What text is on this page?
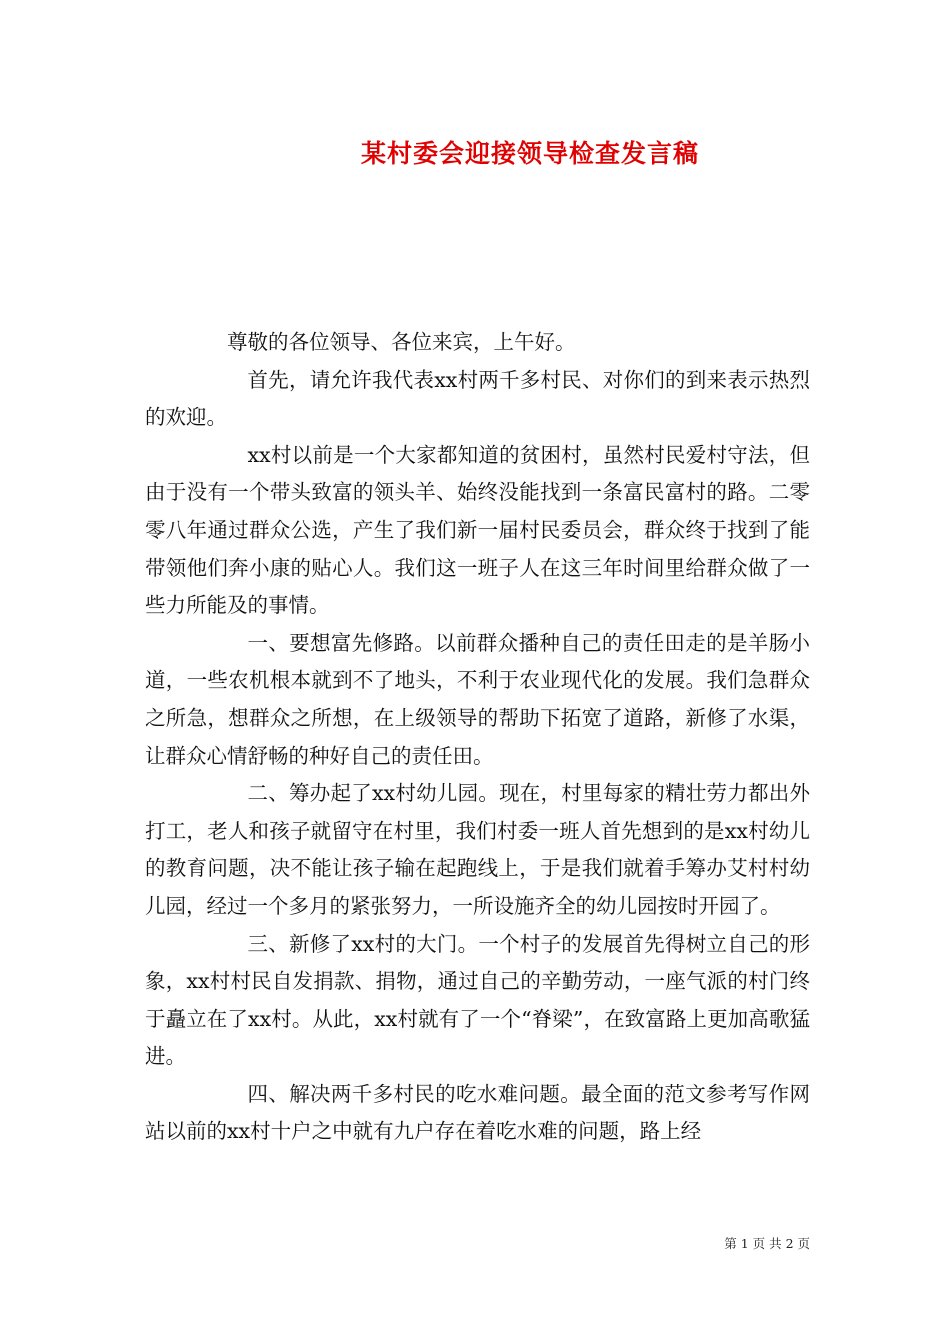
某村委会迎接领导检查发言稿

尊敬的各位领导、各位来宾，上午好。

首先，请允许我代表xx村两千多村民、对你们的到来表示热烈的欢迎。

xx村以前是一个大家都知道的贫困村，虽然村民爱村守法，但由于没有一个带头致富的领头羊、始终没能找到一条富民富村的路。二零零八年通过群众公选，产生了我们新一届村民委员会，群众终于找到了能带领他们奔小康的贴心人。我们这一班子人在这三年时间里给群众做了一些力所能及的事情。

一、要想富先修路。以前群众播种自己的责任田走的是羊肠小道，一些农机根本就到不了地头，不利于农业现代化的发展。我们急群众之所急，想群众之所想，在上级领导的帮助下拓宽了道路，新修了水渠，让群众心情舒畅的种好自己的责任田。

二、筹办起了xx村幼儿园。现在，村里每家的精壮劳力都出外打工，老人和孩子就留守在村里，我们村委一班人首先想到的是xx村幼儿的教育问题，决不能让孩子输在起跑线上，于是我们就着手筹办艾村村幼儿园，经过一个多月的紧张努力，一所设施齐全的幼儿园按时开园了。

三、新修了xx村的大门。一个村子的发展首先得树立自己的形象，xx村村民自发捐款、捐物，通过自己的辛勤劳动，一座气派的村门终于矗立在了xx村。从此，xx村就有了一个“脊梁”，在致富路上更加高歌猛进。

四、解决两千多村民的吃水难问题。最全面的范文参考写作网站以前的xx村十户之中就有九户存在着吃水难的问题，路上经

第 1 页 共 2 页
